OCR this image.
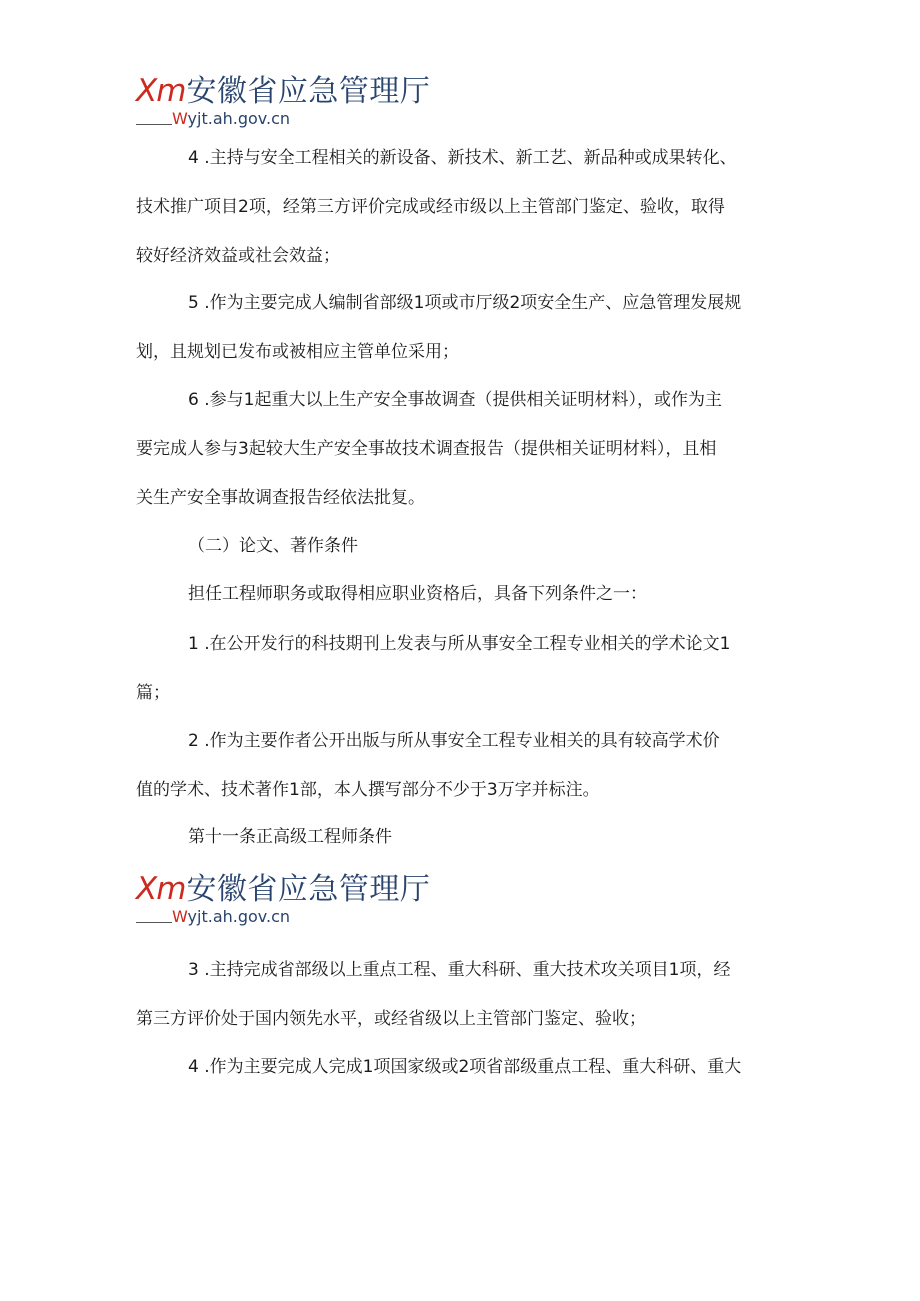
Xm 安徽省应急管理厅
Wyjt.ah.gov.cn

4 .主持与安全工程相关的新设备、新技术、新工艺、新品种或成果转化、
技术推广项目2项，经第三方评价完成或经市级以上主管部门鉴定、验收，取得
较好经济效益或社会效益；

5 .作为主要完成人编制省部级1项或市厅级2项安全生产、应急管理发展规
划，且规划已发布或被相应主管单位采用；

6 .参与1起重大以上生产安全事故调查（提供相关证明材料），或作为主
要完成人参与3起较大生产安全事故技术调查报告（提供相关证明材料），且相
关生产安全事故调查报告经依法批复。

（二）论文、著作条件

担任工程师职务或取得相应职业资格后，具备下列条件之一：

1 .在公开发行的科技期刊上发表与所从事安全工程专业相关的学术论文1
篇；

2 .作为主要作者公开出版与所从事安全工程专业相关的具有较高学术价
值的学术、技术著作1部，本人撰写部分不少于3万字并标注。

第十一条正高级工程师条件

Xm 安徽省应急管理厅
Wyjt.ah.gov.cn

3 .主持完成省部级以上重点工程、重大科研、重大技术攻关项目1项，经
第三方评价处于国内领先水平，或经省级以上主管部门鉴定、验收；

4 .作为主要完成人完成1项国家级或2项省部级重点工程、重大科研、重大
